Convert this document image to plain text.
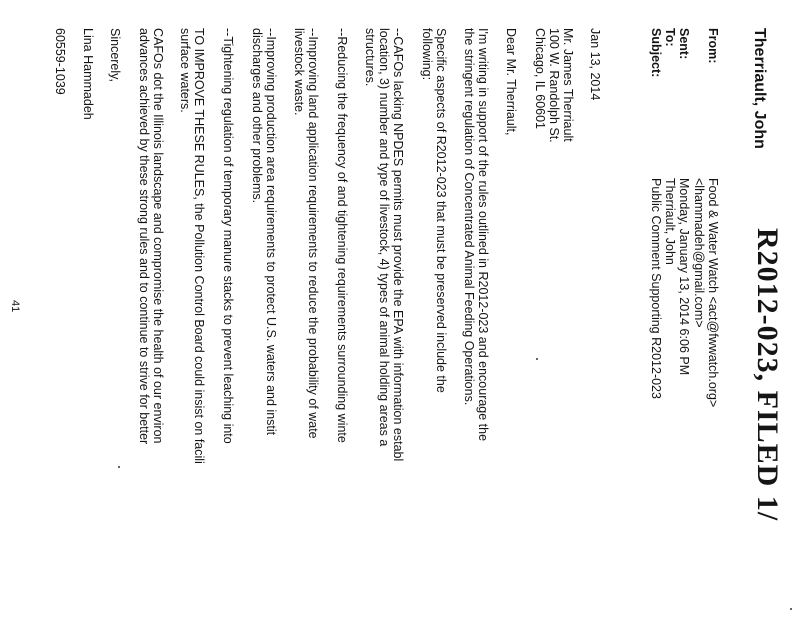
R2012-023, FILED 1/
Therriault, John
From:
Food & Water Watch <act@fwwatch.org>
<lhammadeh@gmail.com>
Sent:
Monday, January 13, 2014 6:06 PM
To:
Therriault, John
Subject:
Public Comment Supporting R2012-023
Jan 13, 2014
Mr. James Therriault
100 W. Randolph St.
Chicago, IL 60601
Dear Mr. Therriault,
I'm writing in support of the rules outlined in R2012-023 and encourage the
the stringent regulation of Concentrated Animal Feeding Operations.
Specific aspects of R2012-023 that must be preserved include the
following:
--CAFOs lacking NPDES permits must provide the EPA with information establ
location, 3) number and type of livestock, 4) types of animal holding areas a
structures.
--Reducing the frequency of and tightening requirements surrounding winte
--Improving land application requirements to reduce the probability of wate
livestock waste.
--Improving production area requirements to protect U.S. waters and instit
discharges and other problems.
--Tightening regulation of temporary manure stacks to prevent leaching into
TO IMPROVE THESE RULES, the Pollution Control Board could insist on facili
surface waters.
CAFOs dot the Illinois landscape and compromise the health of our environ
advances achieved by these strong rules and to continue to strive for better
Sincerely,
Lina Hammadeh
60559-1039
41
